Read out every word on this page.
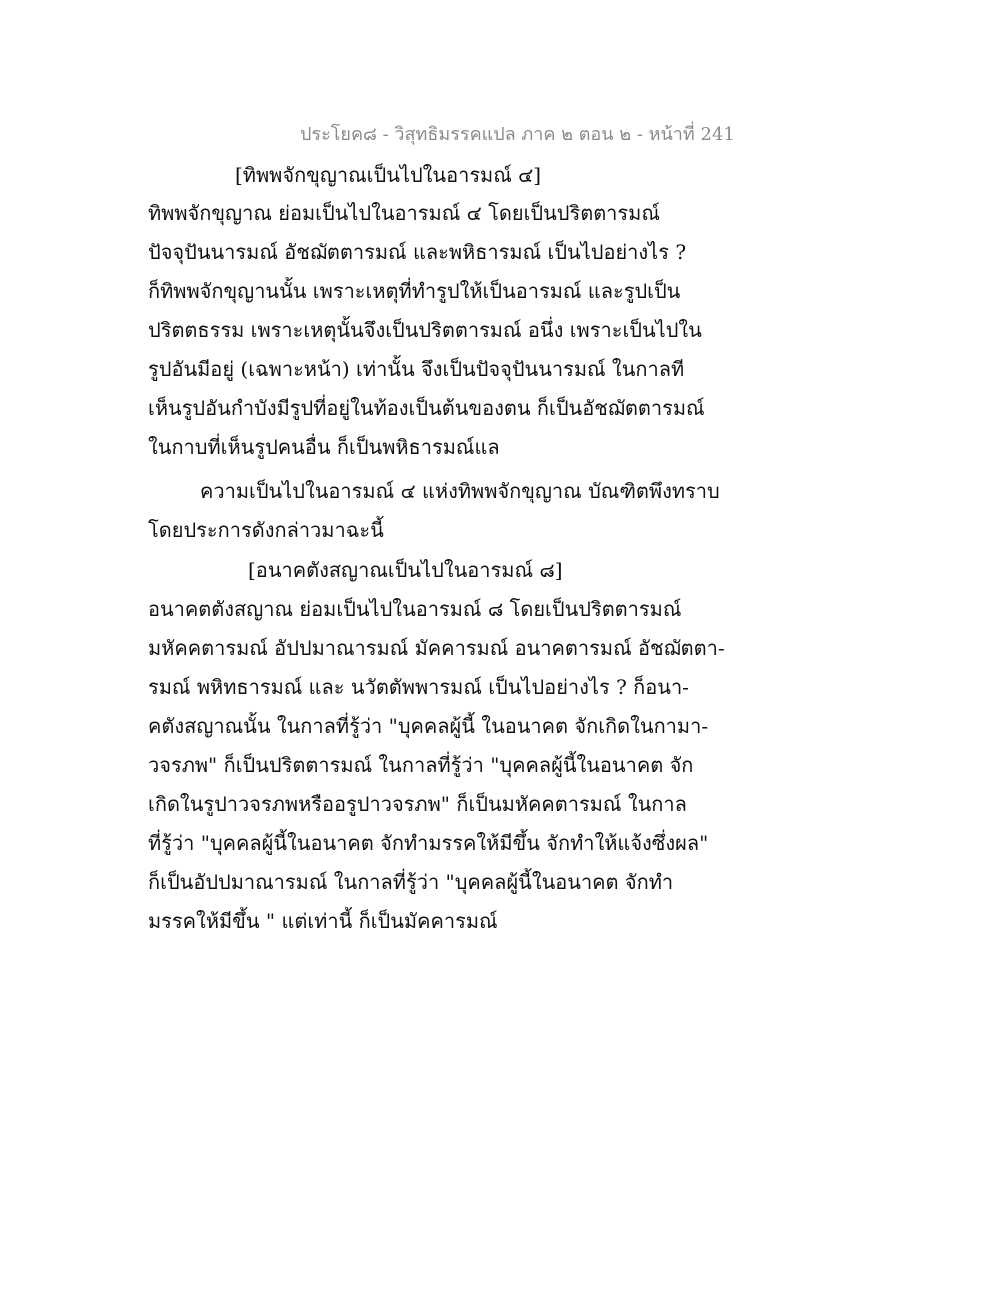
ประโยค๘ - วิสุทธิมรรคแปล ภาค ๒ ตอน ๒ - หน้าที่ 241
[ทิพพจักขุญาณเป็นไปในอารมณ์ ๔]
ทิพพจักขุญาณ ย่อมเป็นไปในอารมณ์ ๔ โดยเป็นปริตตารมณ์
ปัจจุปันนารมณ์ อัชฌัตตารมณ์ และพหิธารมณ์ เป็นไปอย่างไร ?
ก็ทิพพจักขุญานนั้น เพราะเหตุที่ทำรูปให้เป็นอารมณ์ และรูปเป็น
ปริตตธรรม เพราะเหตุนั้นจึงเป็นปริตตารมณ์ อนึ่ง เพราะเป็นไปใน
รูปอันมีอยู่ (เฉพาะหน้า) เท่านั้น จึงเป็นปัจจุปันนารมณ์ ในกาลที
เห็นรูปอันกำบังมีรูปที่อยู่ในท้องเป็นต้นของตน ก็เป็นอัชฌัตตารมณ์
ในกาบที่เห็นรูปคนอื่น ก็เป็นพหิธารมณ์แล
ความเป็นไปในอารมณ์ ๔ แห่งทิพพจักขุญาณ บัณฑิตพึงทราบ
โดยประการดังกล่าวมาฉะนี้
[อนาคตังสญาณเป็นไปในอารมณ์ ๘]
อนาคตตังสญาณ ย่อมเป็นไปในอารมณ์ ๘ โดยเป็นปริตตารมณ์
มหัคคตารมณ์ อัปปมาณารมณ์ มัคคารมณ์ อนาคตารมณ์ อัชฌัตตา-
รมณ์ พหิทธารมณ์ และ นวัตตัพพารมณ์ เป็นไปอย่างไร ? ก็อนา-
คตังสญาณนั้น ในกาลที่รู้ว่า "บุคคลผู้นี้ ในอนาคต จักเกิดในกามา-
วจรภพ" ก็เป็นปริตตารมณ์ ในกาลที่รู้ว่า "บุคคลผู้นี้ในอนาคต จัก
เกิดในรูปาวจรภพหรืออรูปาวจรภพ" ก็เป็นมหัคคตารมณ์ ในกาล
ที่รู้ว่า "บุคคลผู้นี้ในอนาคต จักทำมรรคให้มีขึ้น จักทำให้แจ้งซึ่งผล"
ก็เป็นอัปปมาณารมณ์ ในกาลที่รู้ว่า "บุคคลผู้นี้ในอนาคต จักทำ
มรรคให้มีขึ้น " แต่เท่านี้ ก็เป็นมัคคารมณ์
